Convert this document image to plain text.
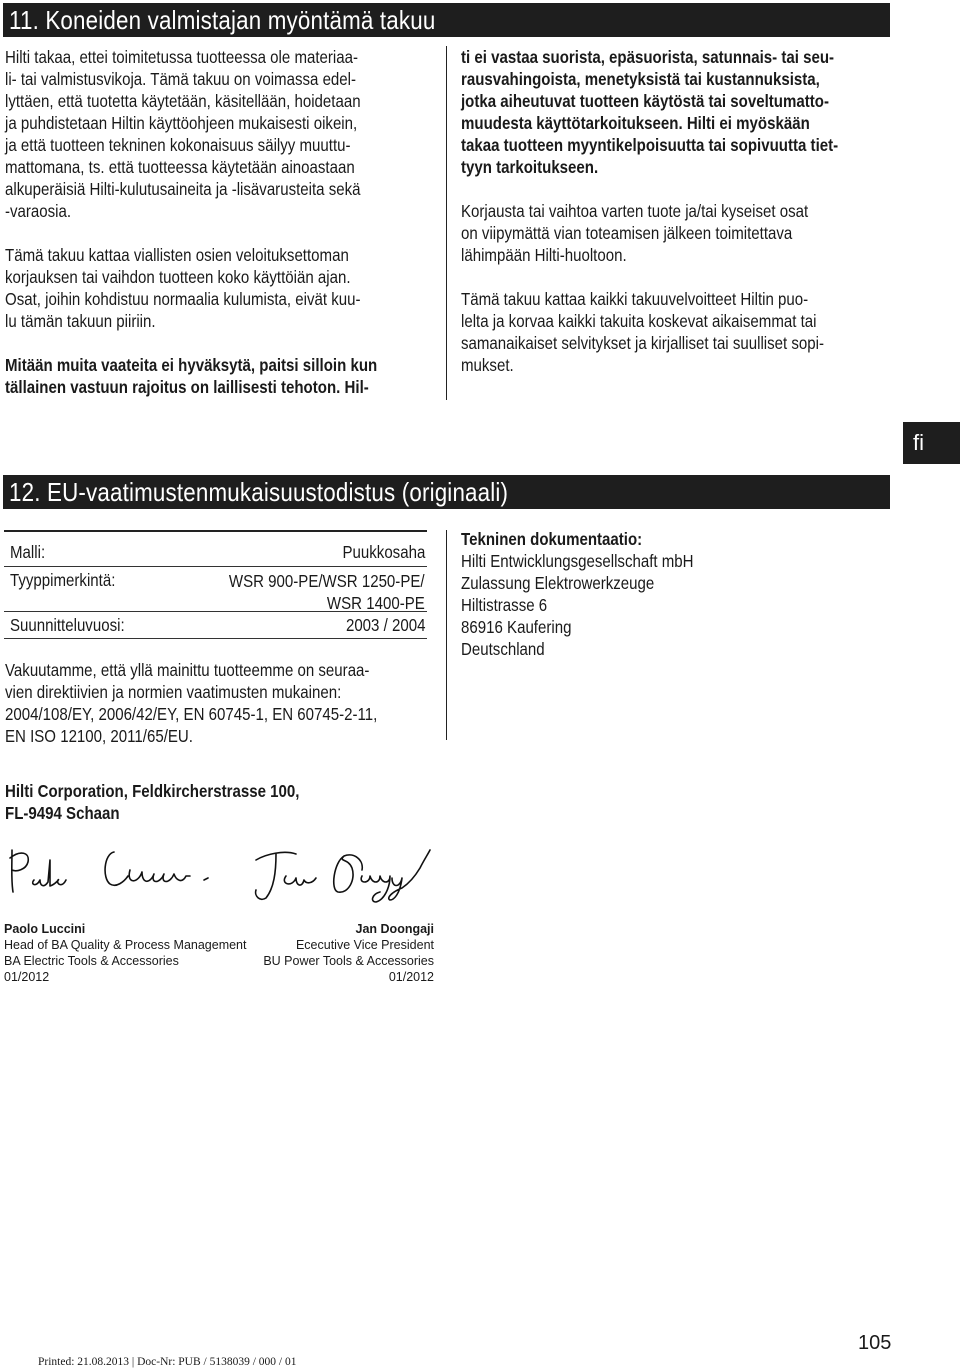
11. Koneiden valmistajan myöntämä takuu
Hilti takaa, ettei toimitetussa tuotteessa ole materiaa-
li- tai valmistusvikoja. Tämä takuu on voimassa edel-
lyttäen, että tuotetta käytetään, käsitellään, hoidetaan
ja puhdistetaan Hiltin käyttöohjeen mukaisesti oikein,
ja että tuotteen tekninen kokonaisuus säilyy muuttu-
mattomana, ts. että tuotteessa käytetään ainoastaan
alkuperäisiä Hilti-kulutusaineita ja -lisävarusteita sekä
-varaosia.
Tämä takuu kattaa viallisten osien veloituksettoman
korjauksen tai vaihdon tuotteen koko käyttöiän ajan.
Osat, joihin kohdistuu normaalia kulumista, eivät kuu-
lu tämän takuun piiriin.
Mitään muita vaateita ei hyväksytä, paitsi silloin kun
tällainen vastuun rajoitus on laillisesti tehoton. Hil-
ti ei vastaa suorista, epäsuorista, satunnais- tai seu-
rausvahingoista, menetyksistä tai kustannuksista,
jotka aiheutuvat tuotteen käytöstä tai soveltumatto-
muudesta käyttötarkoitukseen. Hilti ei myöskään
takaa tuotteen myyntikelpoisuutta tai sopivuutta tiet-
tyyn tarkoitukseen.
Korjausta tai vaihtoa varten tuote ja/tai kyseiset osat
on viipymättä vian toteamisen jälkeen toimitettava
lähimpään Hilti-huoltoon.
Tämä takuu kattaa kaikki takuuvelvoitteet Hiltin puo-
lelta ja korvaa kaikki takuita koskevat aikaisemmat tai
samanaikaiset selvitykset ja kirjalliset tai suulliset sopi-
mukset.
fi
12. EU-vaatimustenmukaisuustodistus (originaali)
Malli:	Puukkosaha
Tyyppimerkintä:	WSR 900-PE/WSR 1250-PE/
WSR 1400-PE
Suunnitteluvuosi:	2003 / 2004
Vakuutamme, että yllä mainittu tuotteemme on seuraa-
vien direktiivien ja normien vaatimusten mukainen:
2004/108/EY, 2006/42/EY, EN 60745-1, EN 60745-2-11,
EN ISO 12100, 2011/65/EU.
Tekninen dokumentaatio:
Hilti Entwicklungsgesellschaft mbH
Zulassung Elektrowerkzeuge
Hiltistrasse 6
86916 Kaufering
Deutschland
Hilti Corporation, Feldkircherstrasse 100,
FL-9494 Schaan
Paolo Luccini
Head of BA Quality & Process Management
BA Electric Tools & Accessories
01/2012
Jan Doongaji
Ececutive Vice President
BU Power Tools & Accessories
01/2012
105
Printed: 21.08.2013 | Doc-Nr: PUB / 5138039 / 000 / 01
